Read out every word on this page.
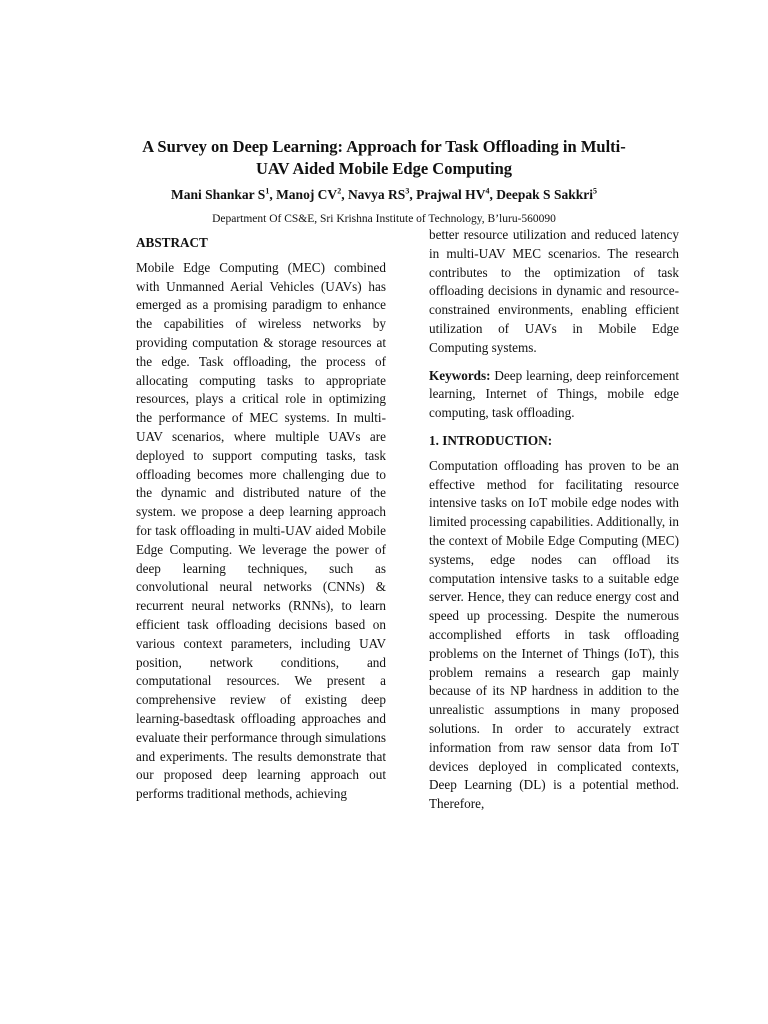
A Survey on Deep Learning: Approach for Task Offloading in Multi-
UAV Aided Mobile Edge Computing
Mani Shankar $S^1$, Manoj $CV^2$, Navya $RS^3$, Prajwal $HV^4$, Deepak S Sakkri$^5$
Department Of CS&E, Sri Krishna Institute of Technology, B’luru-560090
ABSTRACT

Mobile Edge Computing (MEC) combined with Unmanned Aerial Vehicles (UAVs) has emerged as a promising paradigm to enhance the capabilities of wireless networks by providing computation & storage resources at the edge. Task offloading, the process of allocating computing tasks to appropriate resources, plays a critical role in optimizing the performance of MEC systems. In multi-UAV scenarios, where multiple UAVs are deployed to support computing tasks, task offloading becomes more challenging due to the dynamic and distributed nature of the system. we propose a deep learning approach for task offloading in multi-UAV aided Mobile Edge Computing. We leverage the power of deep learning techniques, such as convolutional neural networks (CNNs) & recurrent neural networks (RNNs), to learn efficient task offloading decisions based on various context parameters, including UAV position, network conditions, and computational resources. We present a comprehensive review of existing deep learning-basedtask offloading approaches and evaluate their performance through simulations and experiments. The results demonstrate that our proposed deep learning approach out performs traditional methods, achieving

better resource utilization and reduced latency in multi-UAV MEC scenarios. The research contributes to the optimization of task offloading decisions in dynamic and resource-constrained environments, enabling efficient utilization of UAVs in Mobile Edge Computing systems.

Keywords: Deep learning, deep reinforcement learning, Internet of Things, mobile edge computing, task offloading.

1. INTRODUCTION:

Computation offloading has proven to be an effective method for facilitating resource intensive tasks on IoT mobile edge nodes with limited processing capabilities. Additionally, in the context of Mobile Edge Computing (MEC) systems, edge nodes can offload its computation intensive tasks to a suitable edge server. Hence, they can reduce energy cost and speed up processing. Despite the numerous accomplished efforts in task offloading problems on the Internet of Things (IoT), this problem remains a research gap mainly because of its NP hardness in addition to the unrealistic assumptions in many proposed solutions. In order to accurately extract information from raw sensor data from IoT devices deployed in complicated contexts, Deep Learning (DL) is a potential method. Therefore,
